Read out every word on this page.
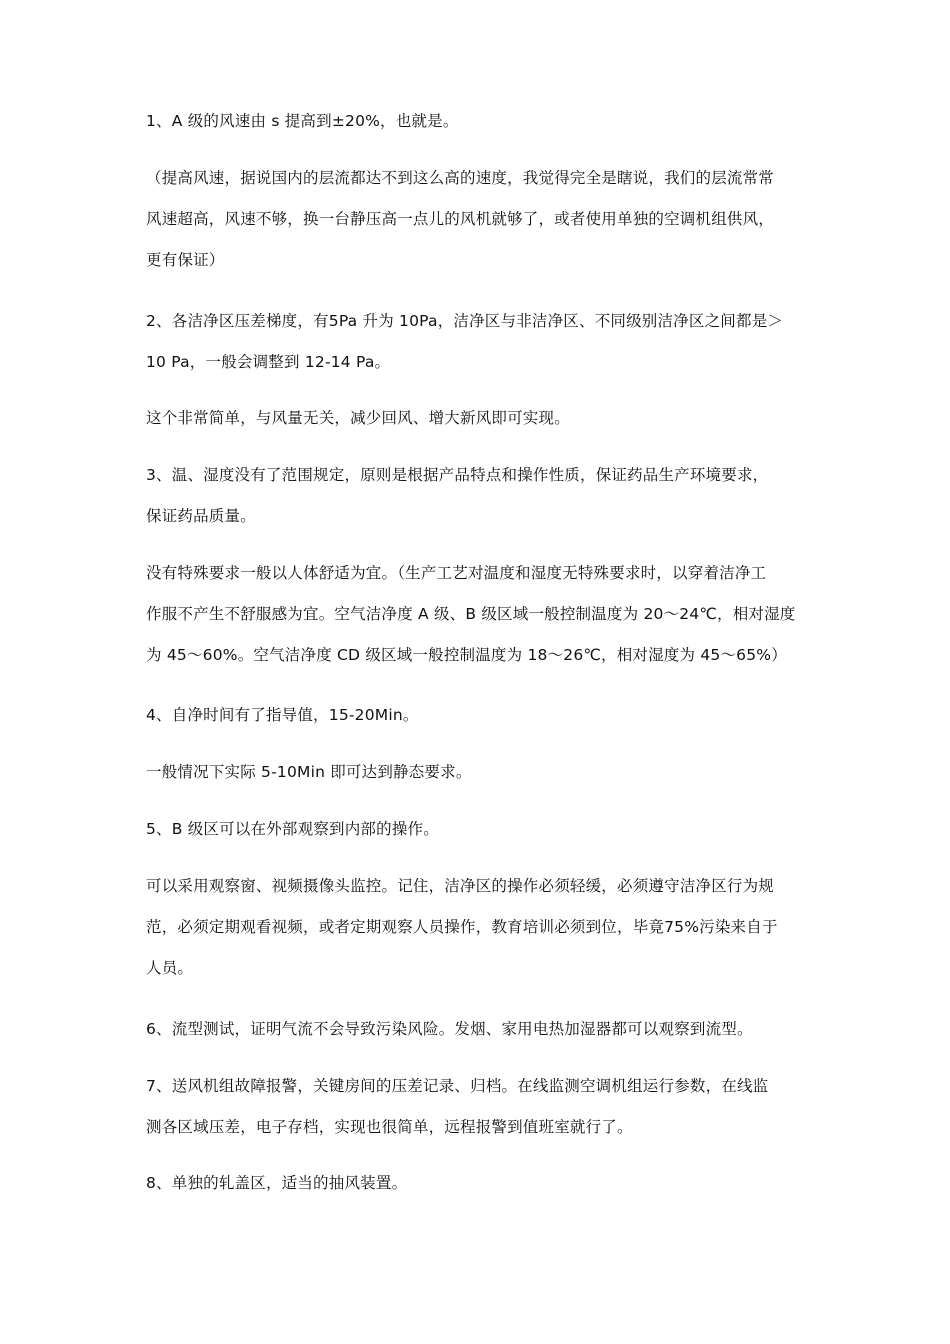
1、A 级的风速由 s 提高到±20%，也就是。

（提高风速，据说国内的层流都达不到这么高的速度，我觉得完全是瞎说，我们的层流常常
风速超高，风速不够，换一台静压高一点儿的风机就够了，或者使用单独的空调机组供风，
更有保证）

2、各洁净区压差梯度，有5Pa 升为 10Pa，洁净区与非洁净区、不同级别洁净区之间都是＞
10 Pa，一般会调整到 12-14 Pa。

这个非常简单，与风量无关，减少回风、增大新风即可实现。

3、温、湿度没有了范围规定，原则是根据产品特点和操作性质，保证药品生产环境要求，
保证药品质量。

没有特殊要求一般以人体舒适为宜。（生产工艺对温度和湿度无特殊要求时，以穿着洁净工
作服不产生不舒服感为宜。空气洁净度 A 级、B 级区域一般控制温度为 20～24℃，相对湿度
为 45～60%。空气洁净度 CD 级区域一般控制温度为 18～26℃，相对湿度为 45～65%）

4、自净时间有了指导值，15-20Min。

一般情况下实际 5-10Min 即可达到静态要求。

5、B 级区可以在外部观察到内部的操作。

可以采用观察窗、视频摄像头监控。记住，洁净区的操作必须轻缓，必须遵守洁净区行为规
范，必须定期观看视频，或者定期观察人员操作，教育培训必须到位，毕竟75%污染来自于
人员。

6、流型测试，证明气流不会导致污染风险。发烟、家用电热加湿器都可以观察到流型。

7、送风机组故障报警，关键房间的压差记录、归档。在线监测空调机组运行参数，在线监
测各区域压差，电子存档，实现也很简单，远程报警到值班室就行了。

8、单独的轧盖区，适当的抽风装置。
